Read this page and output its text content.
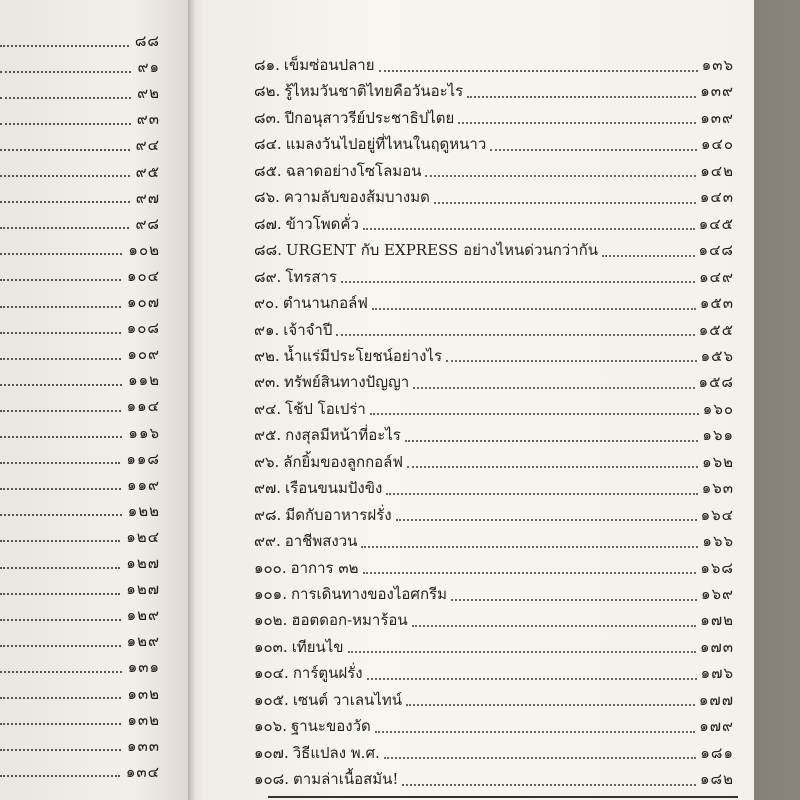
๘๘
๙๑
๙๒
๙๓
๙๔
๙๕
๙๗
๙๘
๑๐๒
๑๐๔
๑๐๗
๑๐๘
๑๐๙
๑๑๒
๑๑๔
๑๑๖
๑๑๘
๑๑๙
๑๒๒
๑๒๔
๑๒๗
๑๒๗
๑๒๙
๑๒๙
๑๓๑
๑๓๒
๑๓๒
๑๓๓
๑๓๔
๘๑. เข็มซ่อนปลาย	๑๓๖
๘๒. รู้ไหมวันชาติไทยคือวันอะไร	๑๓๙
๘๓. ปีกอนุสาวรีย์ประชาธิปไตย	๑๓๙
๘๔. แมลงวันไปอยู่ที่ไหนในฤดูหนาว	๑๔๐
๘๕. ฉลาดอย่างโซโลมอน	๑๔๒
๘๖. ความลับของส้มบางมด	๑๔๓
๘๗. ข้าวโพดคั่ว	๑๔๕
๘๘. URGENT กับ EXPRESS อย่างไหนด่วนกว่ากัน	๑๔๘
๘๙. โทรสาร	๑๔๙
๙๐. ตำนานกอล์ฟ	๑๕๓
๙๑. เจ้าจำปี	๑๕๕
๙๒. น้ำแร่มีประโยชน์อย่างไร	๑๕๖
๙๓. ทรัพย์สินทางปัญญา	๑๕๘
๙๔. โช้ป โอเปร่า	๑๖๐
๙๕. กงสุลมีหน้าที่อะไร	๑๖๑
๙๖. ลักยิ้มของลูกกอล์ฟ	๑๖๒
๙๗. เรือนขนมปังขิง	๑๖๓
๙๘. มีดกับอาหารฝรั่ง	๑๖๔
๙๙. อาชีพสงวน	๑๖๖
๑๐๐. อาการ ๓๒	๑๖๘
๑๐๑. การเดินทางของไอศกรีม	๑๖๙
๑๐๒. ฮอตดอก-หมาร้อน	๑๗๒
๑๐๓. เทียนไข	๑๗๓
๑๐๔. การ์ตูนฝรั่ง	๑๗๖
๑๐๕. เซนต์ วาเลนไทน์	๑๗๗
๑๐๖. ฐานะของวัด	๑๗๙
๑๐๗. วิธีแปลง พ.ศ.	๑๘๑
๑๐๘. ตามล่าเนื้อสมัน!	๑๘๒
